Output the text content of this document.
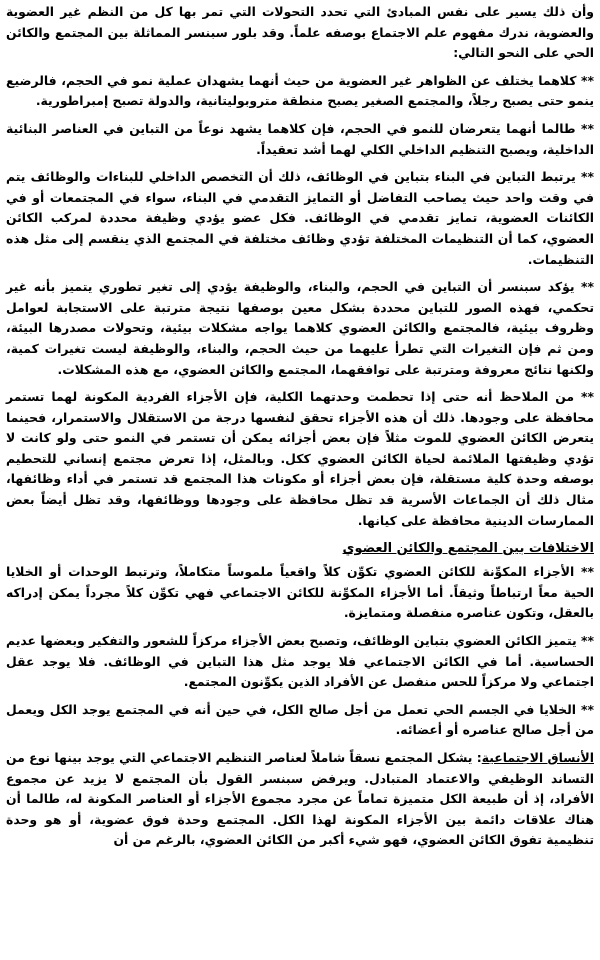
وأن ذلك يسير على نفس المبادئ التي تحدد التحولات التي تمر بها كل من النظم غير العضوية والعضوية، ندرك مفهوم علم الاجتماع بوصفه علماً. وقد بلور سبنسر المماثلة بين المجتمع والكائن الحي على النحو التالي:

** كلاهما يختلف عن الظواهر غير العضوية من حيث أنهما يشهدان عملية نمو في الحجم، فالرضيع ينمو حتى يصبح رجلاً، والمجتمع الصغير يصبح منطقة متروبوليتانية، والدولة تصبح إمبراطورية.

** طالما أنهما يتعرضان للنمو في الحجم، فإن كلاهما يشهد نوعاً من التباين في العناصر البنائية الداخلية، ويصبح التنظيم الداخلي الكلي لهما أشد تعقيداً.

** يرتبط التباين في البناء بتباين في الوظائف، ذلك أن التخصص الداخلي للبناءات والوظائف يتم في وقت واحد حيث يصاحب التفاضل أو التمايز التقدمي في البناء، سواء في المجتمعات أو في الكائنات العضوية، تمايز تقدمي في الوظائف. فكل عضو يؤدي وظيفة محددة لمركب الكائن العضوي، كما أن التنظيمات المختلفة تؤدي وظائف مختلفة في المجتمع الذي ينقسم إلى مثل هذه التنظيمات.

** يؤكد سبنسر أن التباين في الحجم، والبناء، والوظيفة يؤدي إلى تغير تطوري يتميز بأنه غير تحكمي، فهذه الصور للتباين محددة بشكل معين بوصفها نتيجة مترتبة على الاستجابة لعوامل وظروف بيئية، فالمجتمع والكائن العضوي كلاهما يواجه مشكلات بيئية، وتحولات مصدرها البيئة، ومن ثم فإن التغيرات التي تطرأ عليهما من حيث الحجم، والبناء، والوظيفة ليست تغيرات كمية، ولكنها نتائج معروفة ومترتبة على توافقهما، المجتمع والكائن العضوي، مع هذه المشكلات.

** من الملاحظ أنه حتى إذا تحطمت وحدتهما الكلية، فإن الأجزاء الفردية المكونة لهما تستمر محافظة على وجودها. ذلك أن هذه الأجزاء تحقق لنفسها درجة من الاستقلال والاستمرار، فحينما يتعرض الكائن العضوي للموت مثلاً فإن بعض أجزائه يمكن أن تستمر في النمو حتى ولو كانت لا تؤدي وظيفتها الملائمة لحياة الكائن العضوي ككل. وبالمثل، إذا تعرض مجتمع إنساني للتحطيم بوصفه وحدة كلية مستقلة، فإن بعض أجزاء أو مكونات هذا المجتمع قد تستمر في أداء وظائفها، مثال ذلك أن الجماعات الأسرية قد تظل محافظة على وجودها ووظائفها، وقد تظل أيضاً بعض الممارسات الدينية محافظة على كيانها.

الاختلافات بين المجتمع والكائن العضوي

** الأجزاء المكوِّنة للكائن العضوي تكوِّن كلاً واقعياً ملموساً متكاملاً، وترتبط الوحدات أو الخلايا الحية معاً ارتباطاً وثيقاً. أما الأجزاء المكوِّنة للكائن الاجتماعي فهي تكوِّن كلاً مجرداً يمكن إدراكه بالعقل، وتكون عناصره منفصلة ومتمايزة.

** يتميز الكائن العضوي بتباين الوظائف، وتصبح بعض الأجزاء مركزاً للشعور والتفكير وبعضها عديم الحساسية. أما في الكائن الاجتماعي فلا يوجد مثل هذا التباين في الوظائف. فلا يوجد عقل اجتماعي ولا مركزاً للحس منفصل عن الأفراد الذين يكوِّنون المجتمع.

** الخلايا في الجسم الحي تعمل من أجل صالح الكل، في حين أنه في المجتمع يوجد الكل ويعمل من أجل صالح عناصره أو أعضائه.

الأنساق الاجتماعية: يشكل المجتمع نسقاً شاملاً لعناصر التنظيم الاجتماعي التي يوجد بينها نوع من التساند الوظيفي والاعتماد المتبادل. ويرفض سبنسر القول بأن المجتمع لا يزيد عن مجموع الأفراد، إذ أن طبيعة الكل متميزة تماماً عن مجرد مجموع الأجزاء أو العناصر المكونة له، طالما أن هناك علاقات دائمة بين الأجزاء المكونة لهذا الكل. المجتمع وحدة فوق عضوية، أو هو وحدة تنظيمية تفوق الكائن العضوي، فهو شيء أكبر من الكائن العضوي، بالرغم من أن
